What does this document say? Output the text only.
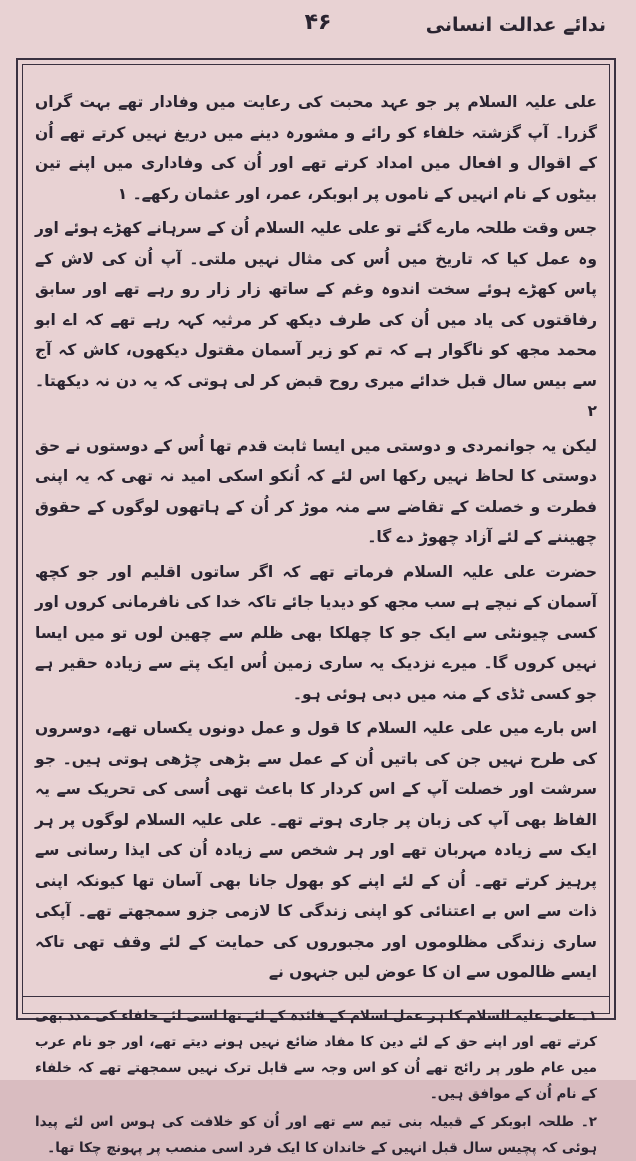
ندائے عدالت انسانی
۴۶

علی علیہ السلام پر جو عہد محبت کی رعایت میں وفادار تھے بہت گراں گزرا۔ آپ گزشتہ خلفاء کو رائے و مشورہ دینے میں دریغ نہیں کرتے تھے اُن کے اقوال و افعال میں امداد کرتے تھے اور اُن کی وفاداری میں اپنے تین بیٹوں کے نام انہیں کے ناموں پر ابوبکر، عمر، اور عثمان رکھے۔ ۱

جس وقت طلحہ مارے گئے تو علی علیہ السلام اُن کے سرہانے کھڑے ہوئے اور وہ عمل کیا کہ تاریخ میں اُس کی مثال نہیں ملتی۔ آپ اُن کی لاش کے پاس کھڑے ہوئے سخت اندوہ وغم کے ساتھ زار زار رو رہے تھے اور سابق رفاقتوں کی یاد میں اُن کی طرف دیکھ کر مرثیہ کہہ رہے تھے کہ اے ابو محمد مجھ کو ناگوار ہے کہ تم کو زیر آسمان مقتول دیکھوں، کاش کہ آج سے بیس سال قبل خدائے میری روح قبض کر لی ہوتی کہ یہ دن نہ دیکھتا۔ ۲

لیکن یہ جوانمردی و دوستی میں ایسا ثابت قدم تھا اُس کے دوستوں نے حق دوستی کا لحاظ نہیں رکھا اس لئے کہ اُنکو اسکی امید نہ تھی کہ یہ اپنی فطرت و خصلت کے تقاضے سے منہ موڑ کر اُن کے ہاتھوں لوگوں کے حقوق چھیننے کے لئے آزاد چھوڑ دے گا۔

حضرت علی علیہ السلام فرماتے تھے کہ اگر ساتوں اقلیم اور جو کچھ آسمان کے نیچے ہے سب مجھ کو دیدیا جائے تاکہ خدا کی نافرمانی کروں اور کسی چیونٹی سے ایک جو کا چھلکا بھی ظلم سے چھین لوں تو میں ایسا نہیں کروں گا۔ میرے نزدیک یہ ساری زمین اُس ایک پتے سے زیادہ حقیر ہے جو کسی ٹڈی کے منہ میں دبی ہوئی ہو۔

اس بارے میں علی علیہ السلام کا قول و عمل دونوں یکساں تھے، دوسروں کی طرح نہیں جن کی باتیں اُن کے عمل سے بڑھی چڑھی ہوتی ہیں۔ جو سرشت اور خصلت آپ کے اس کردار کا باعث تھی اُسی کی تحریک سے یہ الفاظ بھی آپ کی زبان پر جاری ہوتے تھے۔ علی علیہ السلام لوگوں پر ہر ایک سے زیادہ مہربان تھے اور ہر شخص سے زیادہ اُن کی ایذا رسانی سے پرہیز کرتے تھے۔ اُن کے لئے اپنے کو بھول جانا بھی آسان تھا کیونکہ اپنی ذات سے اس بے اعتنائی کو اپنی زندگی کا لازمی جزو سمجھتے تھے۔ آپکی ساری زندگی مظلوموں اور مجبوروں کی حمایت کے لئے وقف تھی تاکہ ایسے ظالموں سے ان کا عوض لیں جنہوں نے

۱۔ علی علیہ السلام کا ہر عمل اسلام کے فائدہ کے لئے تھا اسی لئے خلفاء کی مدد بھی کرتے تھے اور اپنے حق کے لئے دین کا مفاد ضائع نہیں ہونے دیتے تھے، اور جو نام عرب میں عام طور پر رائج تھے اُن کو اس وجہ سے قابل ترک نہیں سمجھتے تھے کہ خلفاء کے نام اُن کے موافق ہیں۔

۲۔ طلحہ ابوبکر کے قبیلہ بنی تیم سے تھے اور اُن کو خلافت کی ہوس اس لئے پیدا ہوئی کہ پچیس سال قبل انہیں کے خاندان کا ایک فرد اسی منصب پر پہونچ چکا تھا۔
